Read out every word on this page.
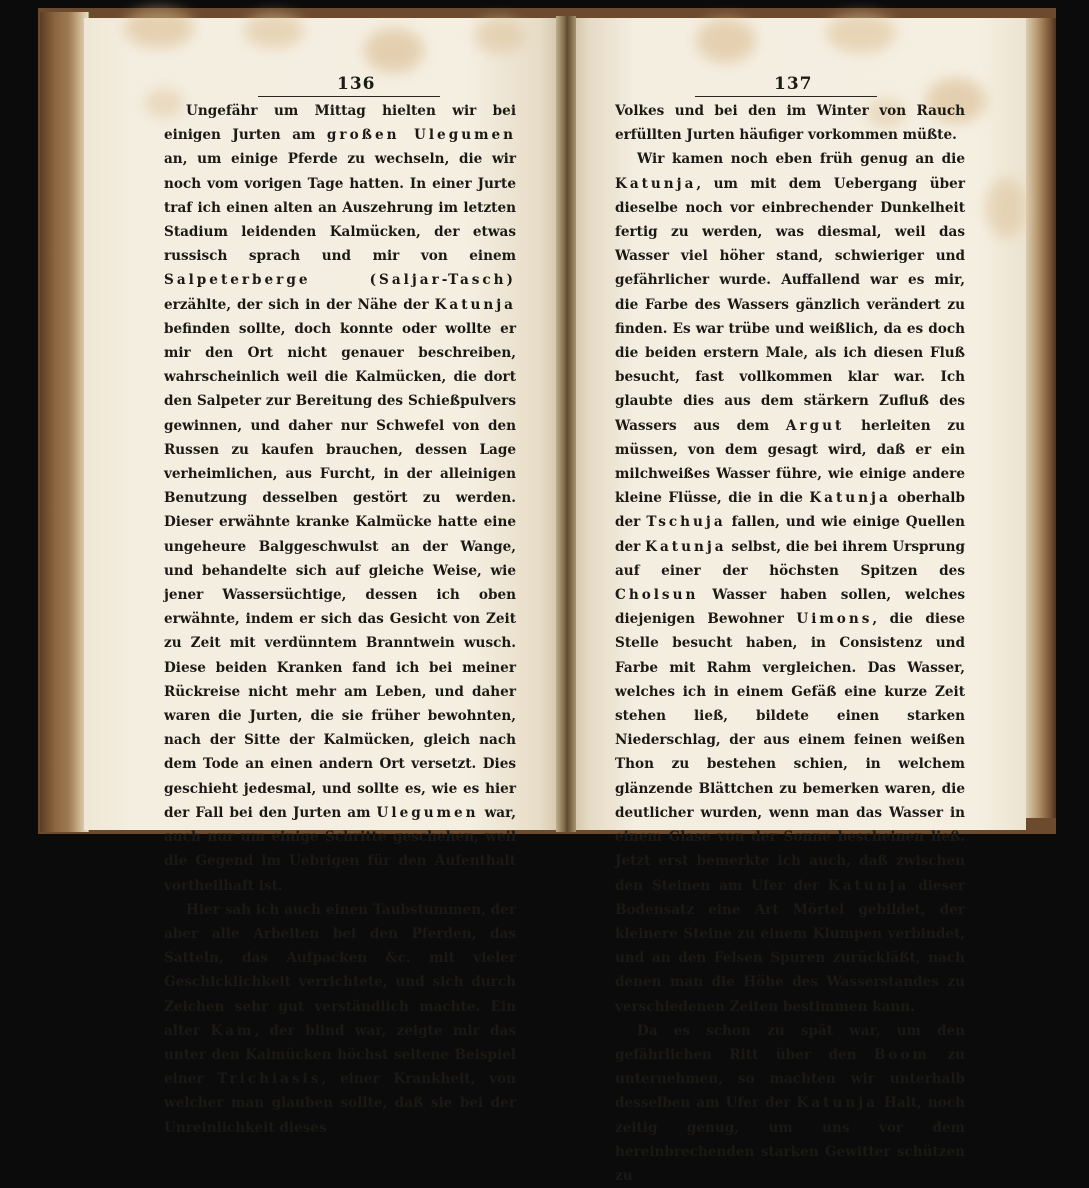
136

Ungefähr um Mittag hielten wir bei einigen Jurten am großen Ulegumen an, um einige Pferde zu wechseln, die wir noch vom vorigen Tage hatten. In einer Jurte traf ich einen alten an Auszehrung im letzten Stadium leidenden Kalmücken, der etwas russisch sprach und mir von einem Salpeterberge (Saljar-Tasch) erzählte, der sich in der Nähe der Katunja befinden sollte, doch konnte oder wollte er mir den Ort nicht genauer beschreiben, wahrscheinlich weil die Kalmücken, die dort den Salpeter zur Bereitung des Schießpulvers gewinnen, und daher nur Schwefel von den Russen zu kaufen brauchen, dessen Lage verheimlichen, aus Furcht, in der alleinigen Benutzung desselben gestört zu werden. Dieser erwähnte kranke Kalmücke hatte eine ungeheure Balggeschwulst an der Wange, und behandelte sich auf gleiche Weise, wie jener Wassersüchtige, dessen ich oben erwähnte, indem er sich das Gesicht von Zeit zu Zeit mit verdünntem Branntwein wusch. Diese beiden Kranken fand ich bei meiner Rückreise nicht mehr am Leben, und daher waren die Jurten, die sie früher bewohnten, nach der Sitte der Kalmücken, gleich nach dem Tode an einen andern Ort versetzt. Dies geschieht jedesmal, und sollte es, wie es hier der Fall bei den Jurten am Ulegumen war, auch nur um einige Schritte geschehen, weil die Gegend im Uebrigen für den Aufenthalt vortheilhaft ist.

Hier sah ich auch einen Taubstummen, der aber alle Arbeiten bei den Pferden, das Satteln, das Aufpacken &c. mit vieler Geschicklichkeit verrichtete, und sich durch Zeichen sehr gut verständlich machte. Ein alter Kam, der blind war, zeigte mir das unter den Kalmücken höchst seltene Beispiel einer Trichiasis, einer Krankheit, von welcher man glauben sollte, daß sie bei der Unreinlichkeit dieses

137

Volkes und bei den im Winter von Rauch erfüllten Jurten häufiger vorkommen müßte.

Wir kamen noch eben früh genug an die Katunja, um mit dem Uebergang über dieselbe noch vor einbrechender Dunkelheit fertig zu werden, was diesmal, weil das Wasser viel höher stand, schwieriger und gefährlicher wurde. Auffallend war es mir, die Farbe des Wassers gänzlich verändert zu finden. Es war trübe und weißlich, da es doch die beiden erstern Male, als ich diesen Fluß besucht, fast vollkommen klar war. Ich glaubte dies aus dem stärkern Zufluß des Wassers aus dem Argut herleiten zu müssen, von dem gesagt wird, daß er ein milchweißes Wasser führe, wie einige andere kleine Flüsse, die in die Katunja oberhalb der Tschuja fallen, und wie einige Quellen der Katunja selbst, die bei ihrem Ursprung auf einer der höchsten Spitzen des Cholsun Wasser haben sollen, welches diejenigen Bewohner Uimons, die diese Stelle besucht haben, in Consistenz und Farbe mit Rahm vergleichen. Das Wasser, welches ich in einem Gefäß eine kurze Zeit stehen ließ, bildete einen starken Niederschlag, der aus einem feinen weißen Thon zu bestehen schien, in welchem glänzende Blättchen zu bemerken waren, die deutlicher wurden, wenn man das Wasser in einem Glase von der Sonne bescheinen ließ. Jetzt erst bemerkte ich auch, daß zwischen den Steinen am Ufer der Katunja dieser Bodensatz eine Art Mörtel gebildet, der kleinere Steine zu einem Klumpen verbindet, und an den Felsen Spuren zurückläßt, nach denen man die Höhe des Wasserstandes zu verschiedenen Zeiten bestimmen kann.

Da es schon zu spät war, um den gefährlichen Ritt über den Boom zu unternehmen, so machten wir unterhalb desselben am Ufer der Katunja Halt, noch zeitig genug, um uns vor dem hereinbrechenden starken Gewitter schützen zu
